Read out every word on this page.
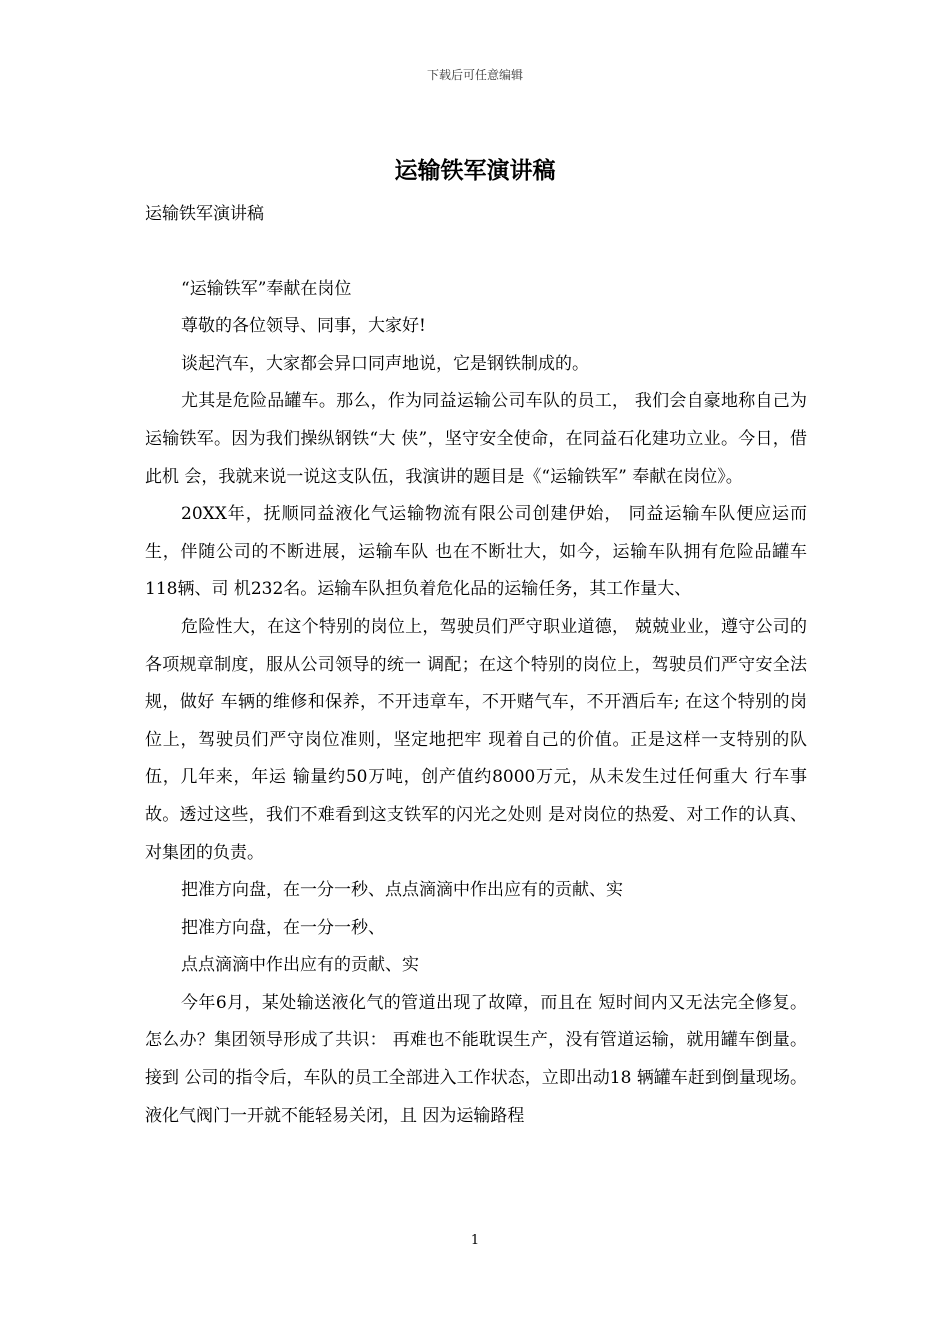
下载后可任意编辑
运输铁军演讲稿

运输铁军演讲稿

“运输铁军”奉献在岗位

尊敬的各位领导、同事，大家好!

谈起汽车，大家都会异口同声地说，它是钢铁制成的。

尤其是危险品罐车。那么，作为同益运输公司车队的员工， 我们会自豪地称自己为运输铁军。因为我们操纵钢铁“大 侠”，坚守安全使命，在同益石化建功立业。今日，借此机 会，我就来说一说这支队伍，我演讲的题目是《“运输铁军” 奉献在岗位》。

20XX年，抚顺同益液化气运输物流有限公司创建伊始， 同益运输车队便应运而生，伴随公司的不断进展，运输车队 也在不断壮大，如今，运输车队拥有危险品罐车118辆、司 机232名。运输车队担负着危化品的运输任务，其工作量大、

危险性大，在这个特别的岗位上，驾驶员们严守职业道德， 兢兢业业，遵守公司的各项规章制度，服从公司领导的统一 调配；在这个特别的岗位上，驾驶员们严守安全法规，做好 车辆的维修和保养，不开违章车，不开赌气车，不开酒后车; 在这个特别的岗位上，驾驶员们严守岗位准则，坚定地把牢 现着自己的价值。正是这样一支特别的队伍，几年来，年运 输量约50万吨，创产值约8000万元，从未发生过任何重大 行车事故。透过这些，我们不难看到这支铁军的闪光之处则 是对岗位的热爱、对工作的认真、对集团的负责。

把准方向盘，在一分一秒、点点滴滴中作出应有的贡献、实

把准方向盘，在一分一秒、

点点滴滴中作出应有的贡献、实

今年6月，某处输送液化气的管道出现了故障，而且在 短时间内又无法完全修复。怎么办？集团领导形成了共识： 再难也不能耽误生产，没有管道运输，就用罐车倒量。接到 公司的指令后，车队的员工全部进入工作状态，立即出动18 辆罐车赶到倒量现场。液化气阀门一开就不能轻易关闭，且 因为运输路程

1
